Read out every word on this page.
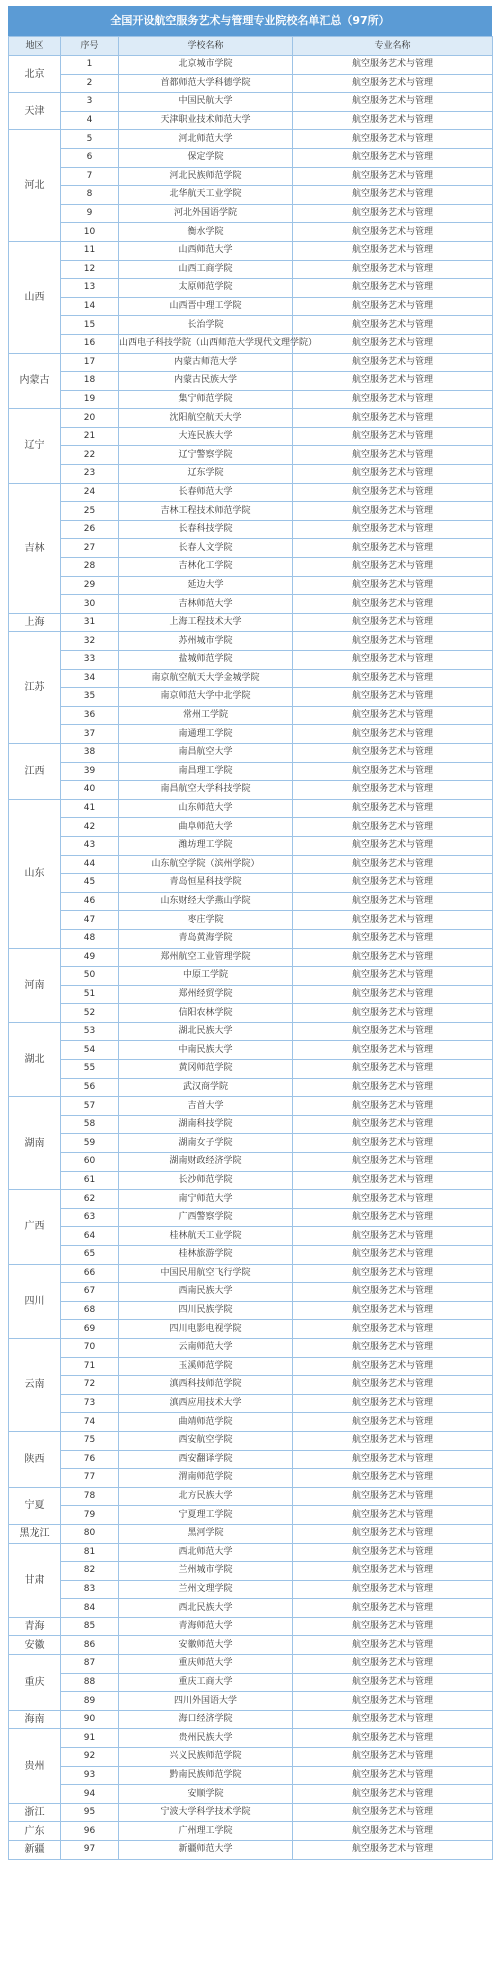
全国开设航空服务艺术与管理专业院校名单汇总（97所）
地区	序号	学校名称	专业名称
北京	1	北京城市学院	航空服务艺术与管理
	2	首都师范大学科德学院	航空服务艺术与管理
天津	3	中国民航大学	航空服务艺术与管理
	4	天津职业技术师范大学	航空服务艺术与管理
河北	5	河北师范大学	航空服务艺术与管理
	6	保定学院	航空服务艺术与管理
	7	河北民族师范学院	航空服务艺术与管理
	8	北华航天工业学院	航空服务艺术与管理
	9	河北外国语学院	航空服务艺术与管理
	10	衡水学院	航空服务艺术与管理
山西	11	山西师范大学	航空服务艺术与管理
	12	山西工商学院	航空服务艺术与管理
	13	太原师范学院	航空服务艺术与管理
	14	山西晋中理工学院	航空服务艺术与管理
	15	长治学院	航空服务艺术与管理
	16	山西电子科技学院（山西师范大学现代文理学院）	航空服务艺术与管理
内蒙古	17	内蒙古师范大学	航空服务艺术与管理
	18	内蒙古民族大学	航空服务艺术与管理
	19	集宁师范学院	航空服务艺术与管理
辽宁	20	沈阳航空航天大学	航空服务艺术与管理
	21	大连民族大学	航空服务艺术与管理
	22	辽宁警察学院	航空服务艺术与管理
	23	辽东学院	航空服务艺术与管理
吉林	24	长春师范大学	航空服务艺术与管理
	25	吉林工程技术师范学院	航空服务艺术与管理
	26	长春科技学院	航空服务艺术与管理
	27	长春人文学院	航空服务艺术与管理
	28	吉林化工学院	航空服务艺术与管理
	29	延边大学	航空服务艺术与管理
	30	吉林师范大学	航空服务艺术与管理
上海	31	上海工程技术大学	航空服务艺术与管理
江苏	32	苏州城市学院	航空服务艺术与管理
	33	盐城师范学院	航空服务艺术与管理
	34	南京航空航天大学金城学院	航空服务艺术与管理
	35	南京师范大学中北学院	航空服务艺术与管理
	36	常州工学院	航空服务艺术与管理
	37	南通理工学院	航空服务艺术与管理
江西	38	南昌航空大学	航空服务艺术与管理
	39	南昌理工学院	航空服务艺术与管理
	40	南昌航空大学科技学院	航空服务艺术与管理
山东	41	山东师范大学	航空服务艺术与管理
	42	曲阜师范大学	航空服务艺术与管理
	43	潍坊理工学院	航空服务艺术与管理
	44	山东航空学院（滨州学院）	航空服务艺术与管理
	45	青岛恒星科技学院	航空服务艺术与管理
	46	山东财经大学燕山学院	航空服务艺术与管理
	47	枣庄学院	航空服务艺术与管理
	48	青岛黄海学院	航空服务艺术与管理
河南	49	郑州航空工业管理学院	航空服务艺术与管理
	50	中原工学院	航空服务艺术与管理
	51	郑州经贸学院	航空服务艺术与管理
	52	信阳农林学院	航空服务艺术与管理
湖北	53	湖北民族大学	航空服务艺术与管理
	54	中南民族大学	航空服务艺术与管理
	55	黄冈师范学院	航空服务艺术与管理
	56	武汉商学院	航空服务艺术与管理
湖南	57	吉首大学	航空服务艺术与管理
	58	湖南科技学院	航空服务艺术与管理
	59	湖南女子学院	航空服务艺术与管理
	60	湖南财政经济学院	航空服务艺术与管理
	61	长沙师范学院	航空服务艺术与管理
广西	62	南宁师范大学	航空服务艺术与管理
	63	广西警察学院	航空服务艺术与管理
	64	桂林航天工业学院	航空服务艺术与管理
	65	桂林旅游学院	航空服务艺术与管理
四川	66	中国民用航空飞行学院	航空服务艺术与管理
	67	西南民族大学	航空服务艺术与管理
	68	四川民族学院	航空服务艺术与管理
	69	四川电影电视学院	航空服务艺术与管理
云南	70	云南师范大学	航空服务艺术与管理
	71	玉溪师范学院	航空服务艺术与管理
	72	滇西科技师范学院	航空服务艺术与管理
	73	滇西应用技术大学	航空服务艺术与管理
	74	曲靖师范学院	航空服务艺术与管理
陕西	75	西安航空学院	航空服务艺术与管理
	76	西安翻译学院	航空服务艺术与管理
	77	渭南师范学院	航空服务艺术与管理
宁夏	78	北方民族大学	航空服务艺术与管理
	79	宁夏理工学院	航空服务艺术与管理
黑龙江	80	黑河学院	航空服务艺术与管理
甘肃	81	西北师范大学	航空服务艺术与管理
	82	兰州城市学院	航空服务艺术与管理
	83	兰州文理学院	航空服务艺术与管理
	84	西北民族大学	航空服务艺术与管理
青海	85	青海师范大学	航空服务艺术与管理
安徽	86	安徽师范大学	航空服务艺术与管理
重庆	87	重庆师范大学	航空服务艺术与管理
	88	重庆工商大学	航空服务艺术与管理
	89	四川外国语大学	航空服务艺术与管理
海南	90	海口经济学院	航空服务艺术与管理
贵州	91	贵州民族大学	航空服务艺术与管理
	92	兴义民族师范学院	航空服务艺术与管理
	93	黔南民族师范学院	航空服务艺术与管理
	94	安顺学院	航空服务艺术与管理
浙江	95	宁波大学科学技术学院	航空服务艺术与管理
广东	96	广州理工学院	航空服务艺术与管理
新疆	97	新疆师范大学	航空服务艺术与管理
